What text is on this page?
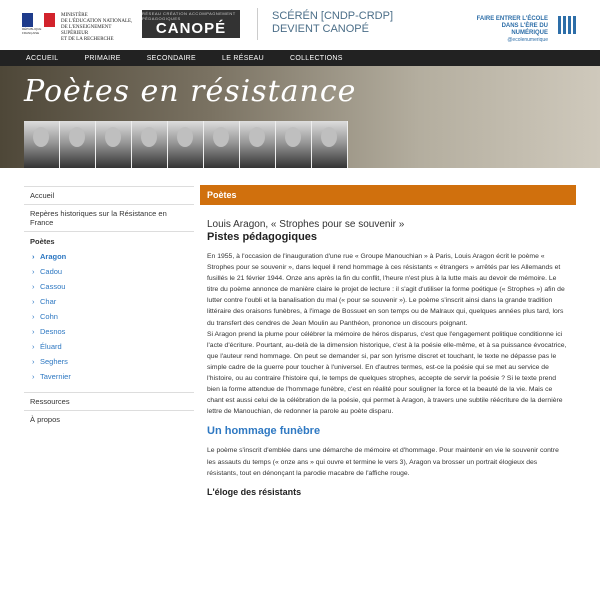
RÉPUBLIQUE FRANÇAISE
MINISTÈRE
DE L'ÉDUCATION NATIONALE,
DE L'ENSEIGNEMENT SUPÉRIEUR
ET DE LA RECHERCHE
RÉSEAU CRÉATION ACCOMPAGNEMENT PÉDAGOGIQUES
CANOPÉ
SCÉRÉN [CNDP-CRDP]
DEVIENT CANOPÉ
FAIRE ENTRER L'ÉCOLE
DANS L'ÈRE DU NUMÉRIQUE
@ecolenumerique
ACCUEIL	PRIMAIRE	SECONDAIRE	LE RÉSEAU	COLLECTIONS
Poètes en résistance
Accueil
Repères historiques sur la Résistance en France
Poètes
› Aragon
› Cadou
› Cassou
› Char
› Cohn
› Desnos
› Éluard
› Seghers
› Tavernier
Ressources
À propos
Poètes
Louis Aragon, « Strophes pour se souvenir »
Pistes pédagogiques

En 1955, à l'occasion de l'inauguration d'une rue « Groupe Manouchian » à Paris, Louis Aragon écrit le poème « Strophes pour se souvenir », dans lequel il rend hommage à ces résistants « étrangers » arrêtés par les Allemands et fusillés le 21 février 1944. Onze ans après la fin du conflit, l'heure n'est plus à la lutte mais au devoir de mémoire. Le titre du poème annonce de manière claire le projet de lecture : il s'agit d'utiliser la forme poétique (« Strophes ») afin de lutter contre l'oubli et la banalisation du mal (« pour se souvenir »). Le poème s'inscrit ainsi dans la grande tradition littéraire des oraisons funèbres, à l'image de Bossuet en son temps ou de Malraux qui, quelques années plus tard, lors du transfert des cendres de Jean Moulin au Panthéon, prononce un discours poignant.

Si Aragon prend la plume pour célébrer la mémoire de héros disparus, c'est que l'engagement politique conditionne ici l'acte d'écriture. Pourtant, au-delà de la dimension historique, c'est à la poésie elle-même, et à sa puissance évocatrice, que l'auteur rend hommage. On peut se demander si, par son lyrisme discret et touchant, le texte ne dépasse pas le simple cadre de la guerre pour toucher à l'universel. En d'autres termes, est-ce la poésie qui se met au service de l'histoire, ou au contraire l'histoire qui, le temps de quelques strophes, accepte de servir la poésie ? Si le texte prend bien la forme attendue de l'hommage funèbre, c'est en réalité pour souligner la force et la beauté de la vie. Mais ce chant est aussi celui de la célébration de la poésie, qui permet à Aragon, à travers une subtile réécriture de la dernière lettre de Manouchian, de redonner la parole au poète disparu.

Un hommage funèbre
Le poème s'inscrit d'emblée dans une démarche de mémoire et d'hommage. Pour maintenir en vie le souvenir contre les assauts du temps (« onze ans » qui ouvre et termine le vers 3), Aragon va brosser un portrait élogieux des résistants, tout en dénonçant la parodie macabre de l'affiche rouge.
L'éloge des résistants
